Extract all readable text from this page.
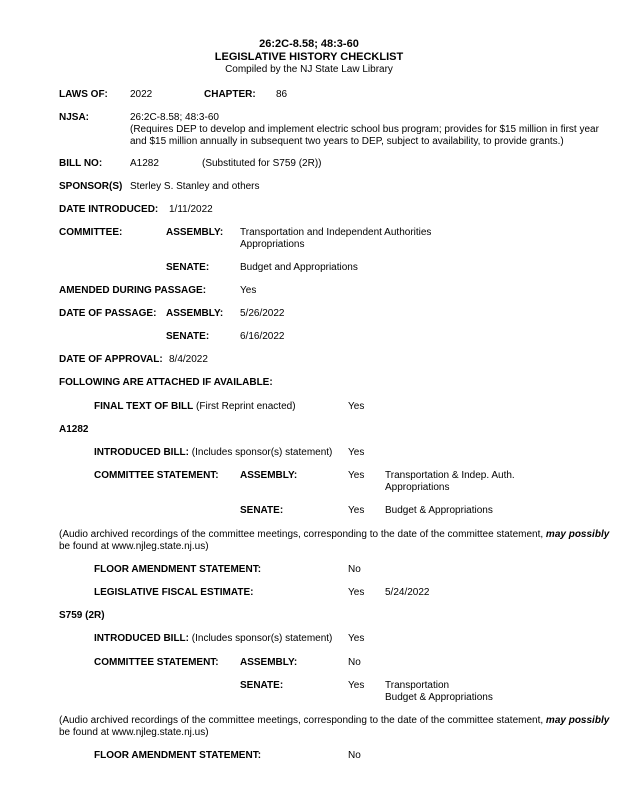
26:2C-8.58; 48:3-60
LEGISLATIVE HISTORY CHECKLIST
Compiled by the NJ State Law Library
LAWS OF: 2022	CHAPTER: 86
NJSA:	26:2C-8.58; 48:3-60
(Requires DEP to develop and implement electric school bus program; provides for $15 million in first year
and $15 million annually in subsequent two years to DEP, subject to availability, to provide grants.)
BILL NO:	A1282	(Substituted for S759 (2R))
SPONSOR(S) Sterley S. Stanley and others
DATE INTRODUCED: 1/11/2022
COMMITTEE:	ASSEMBLY: Transportation and Independent Authorities
Appropriations
SENATE:	Budget and Appropriations
AMENDED DURING PASSAGE:	Yes
DATE OF PASSAGE: ASSEMBLY: 5/26/2022
SENATE:	6/16/2022
DATE OF APPROVAL: 8/4/2022
FOLLOWING ARE ATTACHED IF AVAILABLE:
FINAL TEXT OF BILL (First Reprint enacted)	Yes
A1282
INTRODUCED BILL: (Includes sponsor(s) statement) Yes
COMMITTEE STATEMENT: ASSEMBLY:	Yes Transportation & Indep. Auth.
Appropriations
SENATE:	Yes Budget & Appropriations
(Audio archived recordings of the committee meetings, corresponding to the date of the committee statement, may possibly
be found at www.njleg.state.nj.us)
FLOOR AMENDMENT STATEMENT:	No
LEGISLATIVE FISCAL ESTIMATE:	Yes 5/24/2022
S759 (2R)
INTRODUCED BILL: (Includes sponsor(s) statement) Yes
COMMITTEE STATEMENT: ASSEMBLY:	No
SENATE:	Yes Transportation
Budget & Appropriations
(Audio archived recordings of the committee meetings, corresponding to the date of the committee statement, may possibly
be found at www.njleg.state.nj.us)
FLOOR AMENDMENT STATEMENT:	No
